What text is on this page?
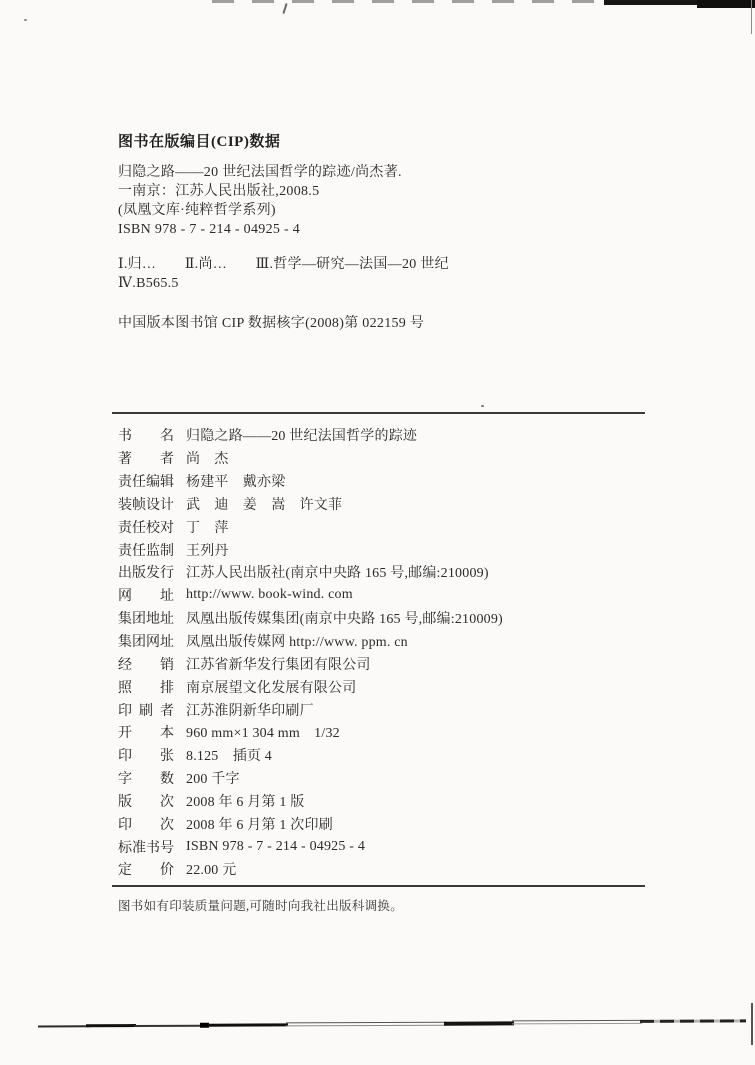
图书在版编目(CIP)数据
归隐之路——20 世纪法国哲学的踪迹/尚杰著.
一南京：江苏人民出版社,2008.5
(凤凰文库·纯粹哲学系列)
ISBN 978 - 7 - 214 - 04925 - 4
Ⅰ.归…　　Ⅱ.尚…　　Ⅲ.哲学—研究—法国—20 世纪
Ⅳ.B565.5
中国版本图书馆 CIP 数据核字(2008)第 022159 号
书名 归隐之路——20 世纪法国哲学的踪迹
著者 尚　杰
责任编辑 杨建平　戴亦梁
装帧设计 武　迪　姜　嵩　许文菲
责任校对 丁　萍
责任监制 王列丹
出版发行 江苏人民出版社(南京中央路 165 号,邮编:210009)
网址 http://www. book-wind. com
集团地址 凤凰出版传媒集团(南京中央路 165 号,邮编:210009)
集团网址 凤凰出版传媒网 http://www. ppm. cn
经销 江苏省新华发行集团有限公司
照排 南京展望文化发展有限公司
印刷者 江苏淮阴新华印刷厂
开本 960 mm×1 304 mm　1/32
印张 8.125　插页 4
字数 200 千字
版次 2008 年 6 月第 1 版
印次 2008 年 6 月第 1 次印刷
标准书号 ISBN 978 - 7 - 214 - 04925 - 4
定价 22.00 元
图书如有印装质量问题,可随时向我社出版科调换。
